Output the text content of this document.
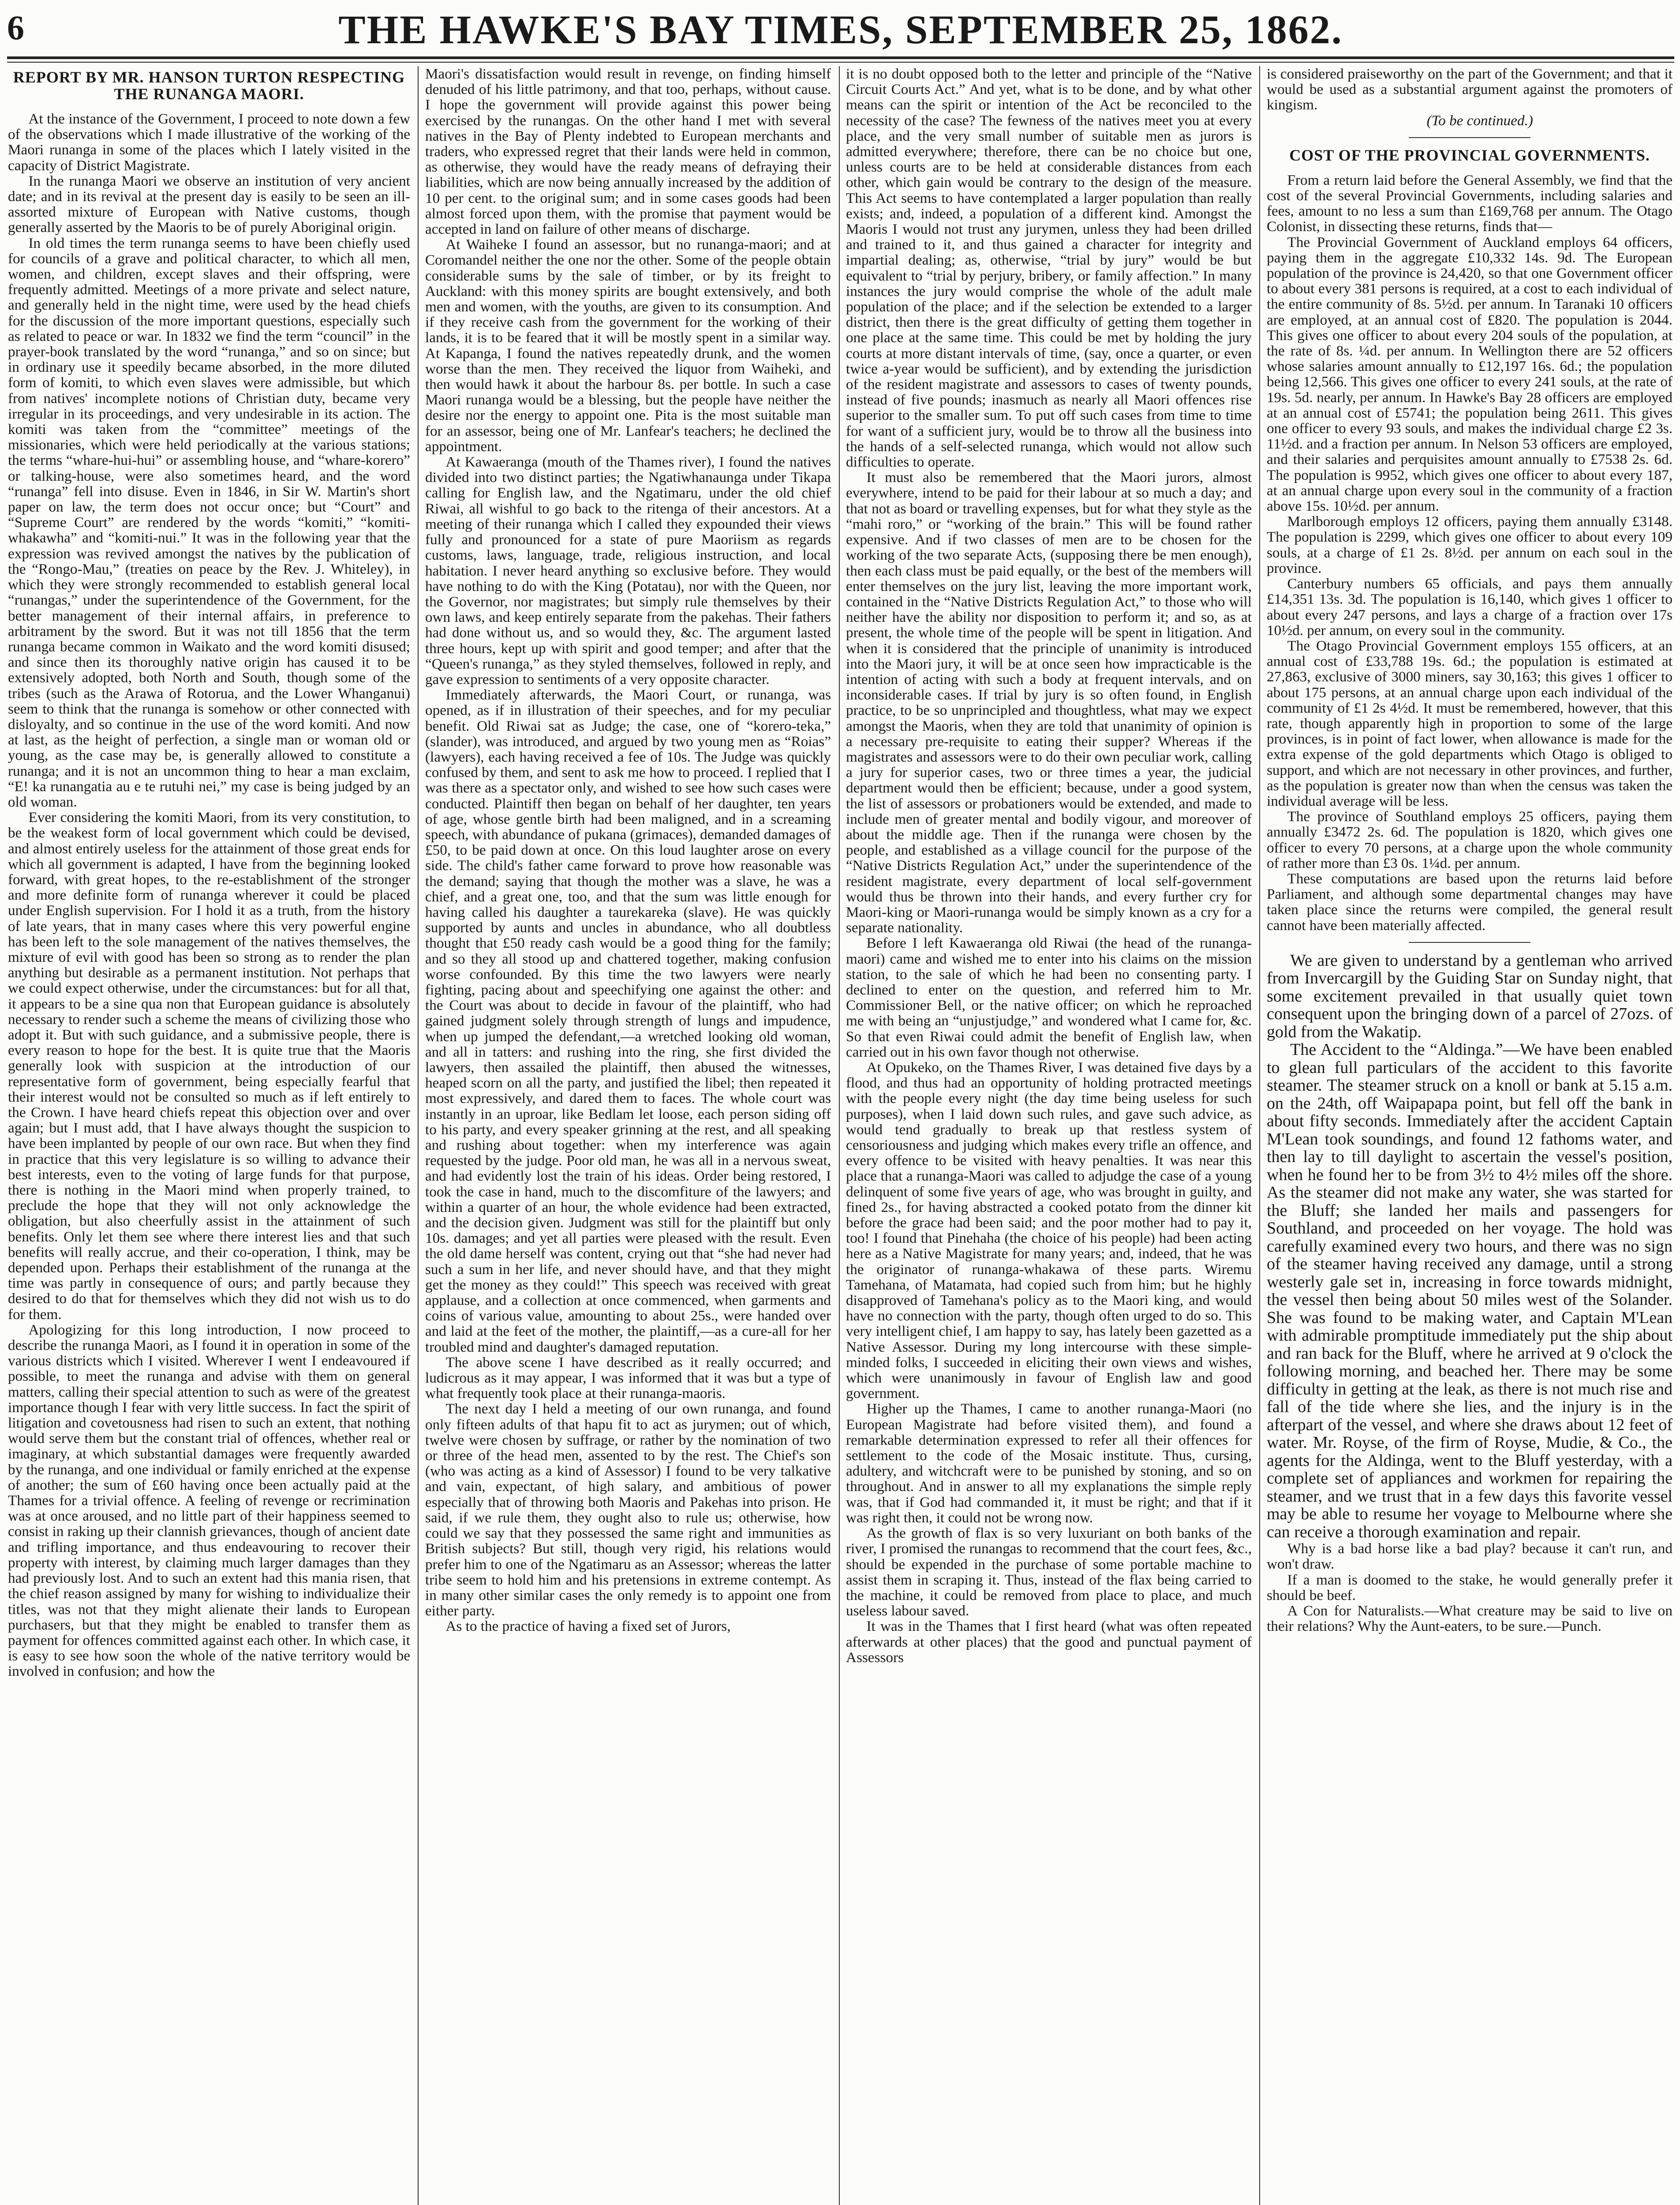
6	THE HAWKE'S BAY TIMES, SEPTEMBER 25, 1862.
REPORT BY MR. HANSON TURTON RESPECTING THE RUNANGA MAORI.

At the instance of the Government, I proceed to note down a few of the observations which I made illustrative of the working of the Maori runanga in some of the places which I lately visited in the capacity of District Magistrate.

In the runanga Maori we observe an institution of very ancient date; and in its revival at the present day is easily to be seen an ill-assorted mixture of European with Native customs, though generally asserted by the Maoris to be of purely Aboriginal origin.

In old times the term runanga seems to have been chiefly used for councils of a grave and political character, to which all men, women, and children, except slaves and their offspring, were frequently admitted. Meetings of a more private and select nature, and generally held in the night time, were used by the head chiefs for the discussion of the more important questions, especially such as related to peace or war. In 1832 we find the term “council” in the prayer-book translated by the word “runanga,” and so on since; but in ordinary use it speedily became absorbed, in the more diluted form of komiti, to which even slaves were admissible, but which from natives' incomplete notions of Christian duty, became very irregular in its proceedings, and very undesirable in its action. The komiti was taken from the “committee” meetings of the missionaries, which were held periodically at the various stations; the terms “whare-hui-hui” or assembling house, and “whare-korero” or talking-house, were also sometimes heard, and the word “runanga” fell into disuse. Even in 1846, in Sir W. Martin's short paper on law, the term does not occur once; but “Court” and “Supreme Court” are rendered by the words “komiti,” “komiti-whakawha” and “komiti-nui.” It was in the following year that the expression was revived amongst the natives by the publication of the “Rongo-Mau,” (treaties on peace by the Rev. J. Whiteley), in which they were strongly recommended to establish general local “runangas,” under the superintendence of the Government, for the better management of their internal affairs, in preference to arbitrament by the sword. But it was not till 1856 that the term runanga became common in Waikato and the word komiti disused; and since then its thoroughly native origin has caused it to be extensively adopted, both North and South, though some of the tribes (such as the Arawa of Rotorua, and the Lower Whanganui) seem to think that the runanga is somehow or other connected with disloyalty, and so continue in the use of the word komiti. And now at last, as the height of perfection, a single man or woman old or young, as the case may be, is generally allowed to constitute a runanga; and it is not an uncommon thing to hear a man exclaim, “E! ka runangatia au e te rutuhi nei,” my case is being judged by an old woman.

Ever considering the komiti Maori, from its very constitution, to be the weakest form of local government which could be devised, and almost entirely useless for the attainment of those great ends for which all government is adapted, I have from the beginning looked forward, with great hopes, to the re-establishment of the stronger and more definite form of runanga wherever it could be placed under English supervision. For I hold it as a truth, from the history of late years, that in many cases where this very powerful engine has been left to the sole management of the natives themselves, the mixture of evil with good has been so strong as to render the plan anything but desirable as a permanent institution. Not perhaps that we could expect otherwise, under the circumstances: but for all that, it appears to be a sine qua non that European guidance is absolutely necessary to render such a scheme the means of civilizing those who adopt it. But with such guidance, and a submissive people, there is every reason to hope for the best. It is quite true that the Maoris generally look with suspicion at the introduction of our representative form of government, being especially fearful that their interest would not be consulted so much as if left entirely to the Crown. I have heard chiefs repeat this objection over and over again; but I must add, that I have always thought the suspicion to have been implanted by people of our own race. But when they find in practice that this very legislature is so willing to advance their best interests, even to the voting of large funds for that purpose, there is nothing in the Maori mind when properly trained, to preclude the hope that they will not only acknowledge the obligation, but also cheerfully assist in the attainment of such benefits. Only let them see where there interest lies and that such benefits will really accrue, and their co-operation, I think, may be depended upon. Perhaps their establishment of the runanga at the time was partly in consequence of ours; and partly because they desired to do that for themselves which they did not wish us to do for them.

Apologizing for this long introduction, I now proceed to describe the runanga Maori, as I found it in operation in some of the various districts which I visited. Wherever I went I endeavoured if possible, to meet the runanga and advise with them on general matters, calling their special attention to such as were of the greatest importance though I fear with very little success. In fact the spirit of litigation and covetousness had risen to such an extent, that nothing would serve them but the constant trial of offences, whether real or imaginary, at which substantial damages were frequently awarded by the runanga, and one individual or family enriched at the expense of another; the sum of £60 having once been actually paid at the Thames for a trivial offence. A feeling of revenge or recrimination was at once aroused, and no little part of their happiness seemed to consist in raking up their clannish grievances, though of ancient date and trifling importance, and thus endeavouring to recover their property with interest, by claiming much larger damages than they had previously lost. And to such an extent had this mania risen, that the chief reason assigned by many for wishing to individualize their titles, was not that they might alienate their lands to European purchasers, but that they might be enabled to transfer them as payment for offences committed against each other. In which case, it is easy to see how soon the whole of the native territory would be involved in confusion; and how the

Maori's dissatisfaction would result in revenge, on finding himself denuded of his little patrimony, and that too, perhaps, without cause. I hope the government will provide against this power being exercised by the runangas. On the other hand I met with several natives in the Bay of Plenty indebted to European merchants and traders, who expressed regret that their lands were held in common, as otherwise, they would have the ready means of defraying their liabilities, which are now being annually increased by the addition of 10 per cent. to the original sum; and in some cases goods had been almost forced upon them, with the promise that payment would be accepted in land on failure of other means of discharge.

At Waiheke I found an assessor, but no runanga-maori; and at Coromandel neither the one nor the other. Some of the people obtain considerable sums by the sale of timber, or by its freight to Auckland: with this money spirits are bought extensively, and both men and women, with the youths, are given to its consumption. And if they receive cash from the government for the working of their lands, it is to be feared that it will be mostly spent in a similar way. At Kapanga, I found the natives repeatedly drunk, and the women worse than the men. They received the liquor from Waiheki, and then would hawk it about the harbour 8s. per bottle. In such a case Maori runanga would be a blessing, but the people have neither the desire nor the energy to appoint one. Pita is the most suitable man for an assessor, being one of Mr. Lanfear's teachers; he declined the appointment.

At Kawaeranga (mouth of the Thames river), I found the natives divided into two distinct parties; the Ngatiwhanaunga under Tikapa calling for English law, and the Ngatimaru, under the old chief Riwai, all wishful to go back to the ritenga of their ancestors. At a meeting of their runanga which I called they expounded their views fully and pronounced for a state of pure Maoriism as regards customs, laws, language, trade, religious instruction, and local habitation. I never heard anything so exclusive before. They would have nothing to do with the King (Potatau), nor with the Queen, nor the Governor, nor magistrates; but simply rule themselves by their own laws, and keep entirely separate from the pakehas. Their fathers had done without us, and so would they, &c. The argument lasted three hours, kept up with spirit and good temper; and after that the “Queen's runanga,” as they styled themselves, followed in reply, and gave expression to sentiments of a very opposite character.

Immediately afterwards, the Maori Court, or runanga, was opened, as if in illustration of their speeches, and for my peculiar benefit. Old Riwai sat as Judge; the case, one of “korero-teka,” (slander), was introduced, and argued by two young men as “Roias” (lawyers), each having received a fee of 10s. The Judge was quickly confused by them, and sent to ask me how to proceed. I replied that I was there as a spectator only, and wished to see how such cases were conducted. Plaintiff then began on behalf of her daughter, ten years of age, whose gentle birth had been maligned, and in a screaming speech, with abundance of pukana (grimaces), demanded damages of £50, to be paid down at once. On this loud laughter arose on every side. The child's father came forward to prove how reasonable was the demand; saying that though the mother was a slave, he was a chief, and a great one, too, and that the sum was little enough for having called his daughter a taurekareka (slave). He was quickly supported by aunts and uncles in abundance, who all doubtless thought that £50 ready cash would be a good thing for the family; and so they all stood up and chattered together, making confusion worse confounded. By this time the two lawyers were nearly fighting, pacing about and speechifying one against the other: and the Court was about to decide in favour of the plaintiff, who had gained judgment solely through strength of lungs and impudence, when up jumped the defendant,—a wretched looking old woman, and all in tatters: and rushing into the ring, she first divided the lawyers, then assailed the plaintiff, then abused the witnesses, heaped scorn on all the party, and justified the libel; then repeated it most expressively, and dared them to faces. The whole court was instantly in an uproar, like Bedlam let loose, each person siding off to his party, and every speaker grinning at the rest, and all speaking and rushing about together: when my interference was again requested by the judge. Poor old man, he was all in a nervous sweat, and had evidently lost the train of his ideas. Order being restored, I took the case in hand, much to the discomfiture of the lawyers; and within a quarter of an hour, the whole evidence had been extracted, and the decision given. Judgment was still for the plaintiff but only 10s. damages; and yet all parties were pleased with the result. Even the old dame herself was content, crying out that “she had never had such a sum in her life, and never should have, and that they might get the money as they could!” This speech was received with great applause, and a collection at once commenced, when garments and coins of various value, amounting to about 25s., were handed over and laid at the feet of the mother, the plaintiff,—as a cure-all for her troubled mind and daughter's damaged reputation.

The above scene I have described as it really occurred; and ludicrous as it may appear, I was informed that it was but a type of what frequently took place at their runanga-maoris.

The next day I held a meeting of our own runanga, and found only fifteen adults of that hapu fit to act as jurymen; out of which, twelve were chosen by suffrage, or rather by the nomination of two or three of the head men, assented to by the rest. The Chief's son (who was acting as a kind of Assessor) I found to be very talkative and vain, expectant, of high salary, and ambitious of power especially that of throwing both Maoris and Pakehas into prison. He said, if we rule them, they ought also to rule us; otherwise, how could we say that they possessed the same right and immunities as British subjects? But still, though very rigid, his relations would prefer him to one of the Ngatimaru as an Assessor; whereas the latter tribe seem to hold him and his pretensions in extreme contempt. As in many other similar cases the only remedy is to appoint one from either party.

As to the practice of having a fixed set of Jurors,

it is no doubt opposed both to the letter and principle of the “Native Circuit Courts Act.” And yet, what is to be done, and by what other means can the spirit or intention of the Act be reconciled to the necessity of the case? The fewness of the natives meet you at every place, and the very small number of suitable men as jurors is admitted everywhere; therefore, there can be no choice but one, unless courts are to be held at considerable distances from each other, which gain would be contrary to the design of the measure. This Act seems to have contemplated a larger population than really exists; and, indeed, a population of a different kind. Amongst the Maoris I would not trust any jurymen, unless they had been drilled and trained to it, and thus gained a character for integrity and impartial dealing; as, otherwise, “trial by jury” would be but equivalent to “trial by perjury, bribery, or family affection.” In many instances the jury would comprise the whole of the adult male population of the place; and if the selection be extended to a larger district, then there is the great difficulty of getting them together in one place at the same time. This could be met by holding the jury courts at more distant intervals of time, (say, once a quarter, or even twice a-year would be sufficient), and by extending the jurisdiction of the resident magistrate and assessors to cases of twenty pounds, instead of five pounds; inasmuch as nearly all Maori offences rise superior to the smaller sum. To put off such cases from time to time for want of a sufficient jury, would be to throw all the business into the hands of a self-selected runanga, which would not allow such difficulties to operate.

It must also be remembered that the Maori jurors, almost everywhere, intend to be paid for their labour at so much a day; and that not as board or travelling expenses, but for what they style as the “mahi roro,” or “working of the brain.” This will be found rather expensive. And if two classes of men are to be chosen for the working of the two separate Acts, (supposing there be men enough), then each class must be paid equally, or the best of the members will enter themselves on the jury list, leaving the more important work, contained in the “Native Districts Regulation Act,” to those who will neither have the ability nor disposition to perform it; and so, as at present, the whole time of the people will be spent in litigation. And when it is considered that the principle of unanimity is introduced into the Maori jury, it will be at once seen how impracticable is the intention of acting with such a body at frequent intervals, and on inconsiderable cases. If trial by jury is so often found, in English practice, to be so unprincipled and thoughtless, what may we expect amongst the Maoris, when they are told that unanimity of opinion is a necessary pre-requisite to eating their supper? Whereas if the magistrates and assessors were to do their own peculiar work, calling a jury for superior cases, two or three times a year, the judicial department would then be efficient; because, under a good system, the list of assessors or probationers would be extended, and made to include men of greater mental and bodily vigour, and moreover of about the middle age. Then if the runanga were chosen by the people, and established as a village council for the purpose of the “Native Districts Regulation Act,” under the superintendence of the resident magistrate, every department of local self-government would thus be thrown into their hands, and every further cry for Maori-king or Maori-runanga would be simply known as a cry for a separate nationality.

Before I left Kawaeranga old Riwai (the head of the runanga-maori) came and wished me to enter into his claims on the mission station, to the sale of which he had been no consenting party. I declined to enter on the question, and referred him to Mr. Commissioner Bell, or the native officer; on which he reproached me with being an “unjustjudge,” and wondered what I came for, &c. So that even Riwai could admit the benefit of English law, when carried out in his own favor though not otherwise.

At Opukeko, on the Thames River, I was detained five days by a flood, and thus had an opportunity of holding protracted meetings with the people every night (the day time being useless for such purposes), when I laid down such rules, and gave such advice, as would tend gradually to break up that restless system of censoriousness and judging which makes every trifle an offence, and every offence to be visited with heavy penalties. It was near this place that a runanga-Maori was called to adjudge the case of a young delinquent of some five years of age, who was brought in guilty, and fined 2s., for having abstracted a cooked potato from the dinner kit before the grace had been said; and the poor mother had to pay it, too! I found that Pinehaha (the choice of his people) had been acting here as a Native Magistrate for many years; and, indeed, that he was the originator of runanga-whakawa of these parts. Wiremu Tamehana, of Matamata, had copied such from him; but he highly disapproved of Tamehana's policy as to the Maori king, and would have no connection with the party, though often urged to do so. This very intelligent chief, I am happy to say, has lately been gazetted as a Native Assessor. During my long intercourse with these simple-minded folks, I succeeded in eliciting their own views and wishes, which were unanimously in favour of English law and good government.

Higher up the Thames, I came to another runanga-Maori (no European Magistrate had before visited them), and found a remarkable determination expressed to refer all their offences for settlement to the code of the Mosaic institute. Thus, cursing, adultery, and witchcraft were to be punished by stoning, and so on throughout. And in answer to all my explanations the simple reply was, that if God had commanded it, it must be right; and that if it was right then, it could not be wrong now.

As the growth of flax is so very luxuriant on both banks of the river, I promised the runangas to recommend that the court fees, &c., should be expended in the purchase of some portable machine to assist them in scraping it. Thus, instead of the flax being carried to the machine, it could be removed from place to place, and much useless labour saved.

It was in the Thames that I first heard (what was often repeated afterwards at other places) that the good and punctual payment of Assessors

is considered praiseworthy on the part of the Government; and that it would be used as a substantial argument against the promoters of kingism.

(To be continued.)

COST OF THE PROVINCIAL GOVERNMENTS.

From a return laid before the General Assembly, we find that the cost of the several Provincial Governments, including salaries and fees, amount to no less a sum than £169,768 per annum. The Otago Colonist, in dissecting these returns, finds that—

The Provincial Government of Auckland employs 64 officers, paying them in the aggregate £10,332 14s. 9d. The European population of the province is 24,420, so that one Government officer to about every 381 persons is required, at a cost to each individual of the entire community of 8s. 5½d. per annum. In Taranaki 10 officers are employed, at an annual cost of £820. The population is 2044. This gives one officer to about every 204 souls of the population, at the rate of 8s. ¼d. per annum. In Wellington there are 52 officers whose salaries amount annually to £12,197 16s. 6d.; the population being 12,566. This gives one officer to every 241 souls, at the rate of 19s. 5d. nearly, per annum. In Hawke's Bay 28 officers are employed at an annual cost of £5741; the population being 2611. This gives one officer to every 93 souls, and makes the individual charge £2 3s. 11½d. and a fraction per annum. In Nelson 53 officers are employed, and their salaries and perquisites amount annually to £7538 2s. 6d. The population is 9952, which gives one officer to about every 187, at an annual charge upon every soul in the community of a fraction above 15s. 10½d. per annum.

Marlborough employs 12 officers, paying them annually £3148. The population is 2299, which gives one officer to about every 109 souls, at a charge of £1 2s. 8½d. per annum on each soul in the province.

Canterbury numbers 65 officials, and pays them annually £14,351 13s. 3d. The population is 16,140, which gives 1 officer to about every 247 persons, and lays a charge of a fraction over 17s 10½d. per annum, on every soul in the community.

The Otago Provincial Government employs 155 officers, at an annual cost of £33,788 19s. 6d.; the population is estimated at 27,863, exclusive of 3000 miners, say 30,163; this gives 1 officer to about 175 persons, at an annual charge upon each individual of the community of £1 2s 4½d. It must be remembered, however, that this rate, though apparently high in proportion to some of the large provinces, is in point of fact lower, when allowance is made for the extra expense of the gold departments which Otago is obliged to support, and which are not necessary in other provinces, and further, as the population is greater now than when the census was taken the individual average will be less.

The province of Southland employs 25 officers, paying them annually £3472 2s. 6d. The population is 1820, which gives one officer to every 70 persons, at a charge upon the whole community of rather more than £3 0s. 1¼d. per annum.

These computations are based upon the returns laid before Parliament, and although some departmental changes may have taken place since the returns were compiled, the general result cannot have been materially affected.

We are given to understand by a gentleman who arrived from Invercargill by the Guiding Star on Sunday night, that some excitement prevailed in that usually quiet town consequent upon the bringing down of a parcel of 27ozs. of gold from the Wakatip.

The Accident to the “Aldinga.”—We have been enabled to glean full particulars of the accident to this favorite steamer. The steamer struck on a knoll or bank at 5.15 a.m. on the 24th, off Waipapapa point, but fell off the bank in about fifty seconds. Immediately after the accident Captain M'Lean took soundings, and found 12 fathoms water, and then lay to till daylight to ascertain the vessel's position, when he found her to be from 3½ to 4½ miles off the shore. As the steamer did not make any water, she was started for the Bluff; she landed her mails and passengers for Southland, and proceeded on her voyage. The hold was carefully examined every two hours, and there was no sign of the steamer having received any damage, until a strong westerly gale set in, increasing in force towards midnight, the vessel then being about 50 miles west of the Solander. She was found to be making water, and Captain M'Lean with admirable promptitude immediately put the ship about and ran back for the Bluff, where he arrived at 9 o'clock the following morning, and beached her. There may be some difficulty in getting at the leak, as there is not much rise and fall of the tide where she lies, and the injury is in the afterpart of the vessel, and where she draws about 12 feet of water. Mr. Royse, of the firm of Royse, Mudie, & Co., the agents for the Aldinga, went to the Bluff yesterday, with a complete set of appliances and workmen for repairing the steamer, and we trust that in a few days this favorite vessel may be able to resume her voyage to Melbourne where she can receive a thorough examination and repair.

Why is a bad horse like a bad play? because it can't run, and won't draw.

If a man is doomed to the stake, he would generally prefer it should be beef.

A Con for Naturalists.—What creature may be said to live on their relations? Why the Aunt-eaters, to be sure.—Punch.
